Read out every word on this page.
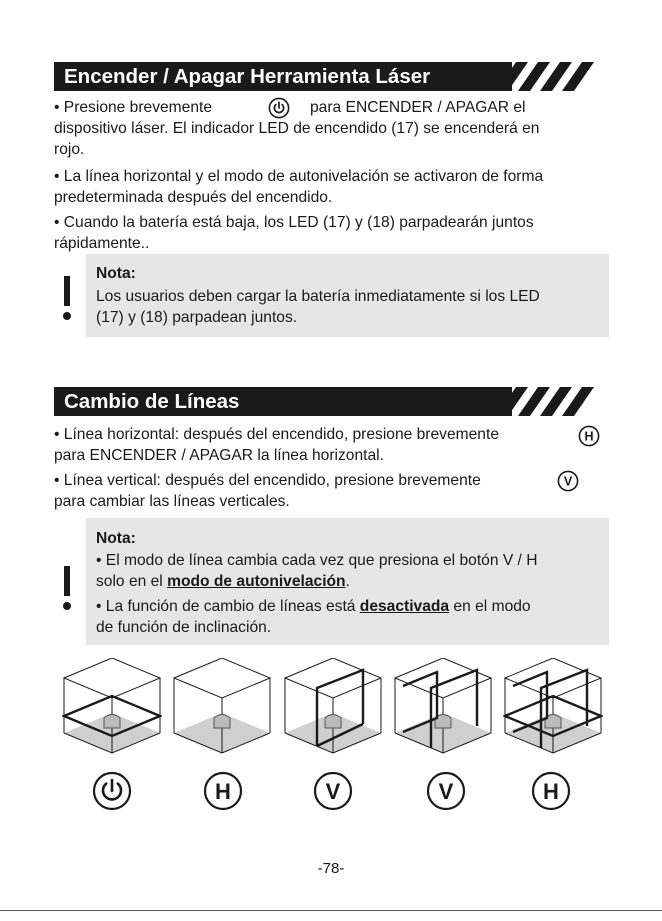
Encender / Apagar Herramienta Láser
• Presione brevemente	para ENCENDER / APAGAR el
dispositivo láser. El indicador LED de encendido (17) se encenderá en
rojo.
• La línea horizontal y el modo de autonivelación se activaron de forma
predeterminada después del encendido.
• Cuando la batería está baja, los LED (17) y (18) parpadearán juntos
rápidamente..
Nota:
Los usuarios deben cargar la batería inmediatamente si los LED
(17) y (18) parpadean juntos.
Cambio de Líneas
• Línea horizontal: después del encendido, presione brevemente	H
para ENCENDER / APAGAR la línea horizontal.
• Línea vertical: después del encendido, presione brevemente	V
para cambiar las líneas verticales.
Nota:
• El modo de línea cambia cada vez que presiona el botón V / H
solo en el modo de autonivelación.
• La función de cambio de líneas está desactivada en el modo
de función de inclinación.
H	V	V	H
-78-
